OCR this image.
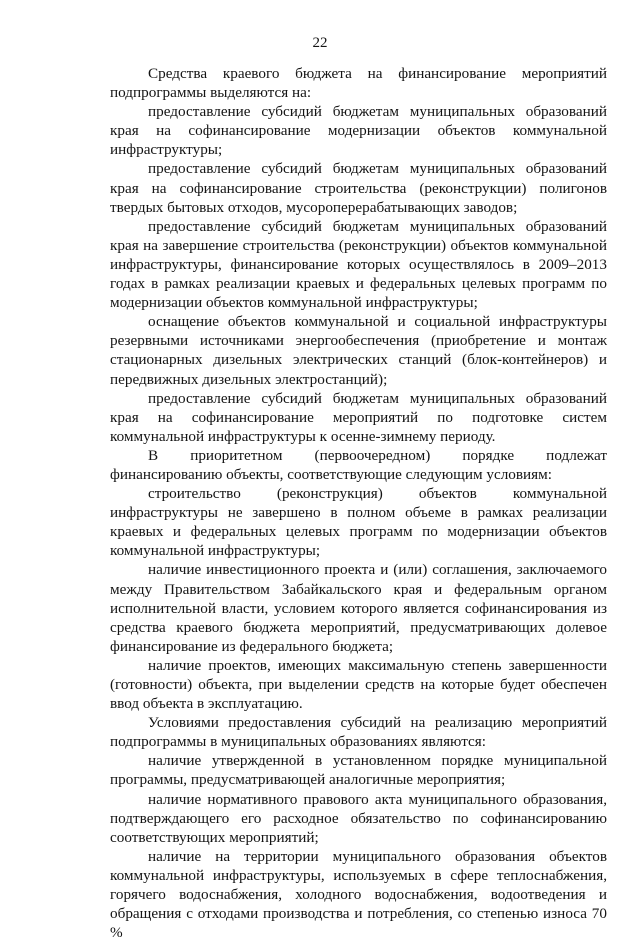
22

Средства краевого бюджета на финансирование мероприятий подпрограммы выделяются на:

предоставление субсидий бюджетам муниципальных образований края на софинансирование модернизации объектов коммунальной инфраструктуры;

предоставление субсидий бюджетам муниципальных образований края на софинансирование строительства (реконструкции) полигонов твердых бытовых отходов, мусороперерабатывающих заводов;

предоставление субсидий бюджетам муниципальных образований края на завершение строительства (реконструкции) объектов коммунальной инфраструктуры, финансирование которых осуществлялось в 2009–2013 годах в рамках реализации краевых и федеральных целевых программ по модернизации объектов коммунальной инфраструктуры;

оснащение объектов коммунальной и социальной инфраструктуры резервными источниками энергообеспечения (приобретение и монтаж стационарных дизельных электрических станций (блок-контейнеров) и передвижных дизельных электростанций);

предоставление субсидий бюджетам муниципальных образований края на софинансирование мероприятий по подготовке систем коммунальной инфраструктуры к осенне-зимнему периоду.

В приоритетном (первоочередном) порядке подлежат финансированию объекты, соответствующие следующим условиям:

строительство (реконструкция) объектов коммунальной инфраструктуры не завершено в полном объеме в рамках реализации краевых и федеральных целевых программ по модернизации объектов коммунальной инфраструктуры;

наличие инвестиционного проекта и (или) соглашения, заключаемого между Правительством Забайкальского края и федеральным органом исполнительной власти, условием которого является софинансирования из средства краевого бюджета мероприятий, предусматривающих долевое финансирование из федерального бюджета;

наличие проектов, имеющих максимальную степень завершенности (готовности) объекта, при выделении средств на которые будет обеспечен ввод объекта в эксплуатацию.

Условиями предоставления субсидий на реализацию мероприятий подпрограммы в муниципальных образованиях являются:

наличие утвержденной в установленном порядке муниципальной программы, предусматривающей аналогичные мероприятия;

наличие нормативного правового акта муниципального образования, подтверждающего его расходное обязательство по софинансированию соответствующих мероприятий;

наличие на территории муниципального образования объектов коммунальной инфраструктуры, используемых в сфере теплоснабжения, горячего водоснабжения, холодного водоснабжения, водоотведения и обращения с отходами производства и потребления, со степенью износа 70 %
